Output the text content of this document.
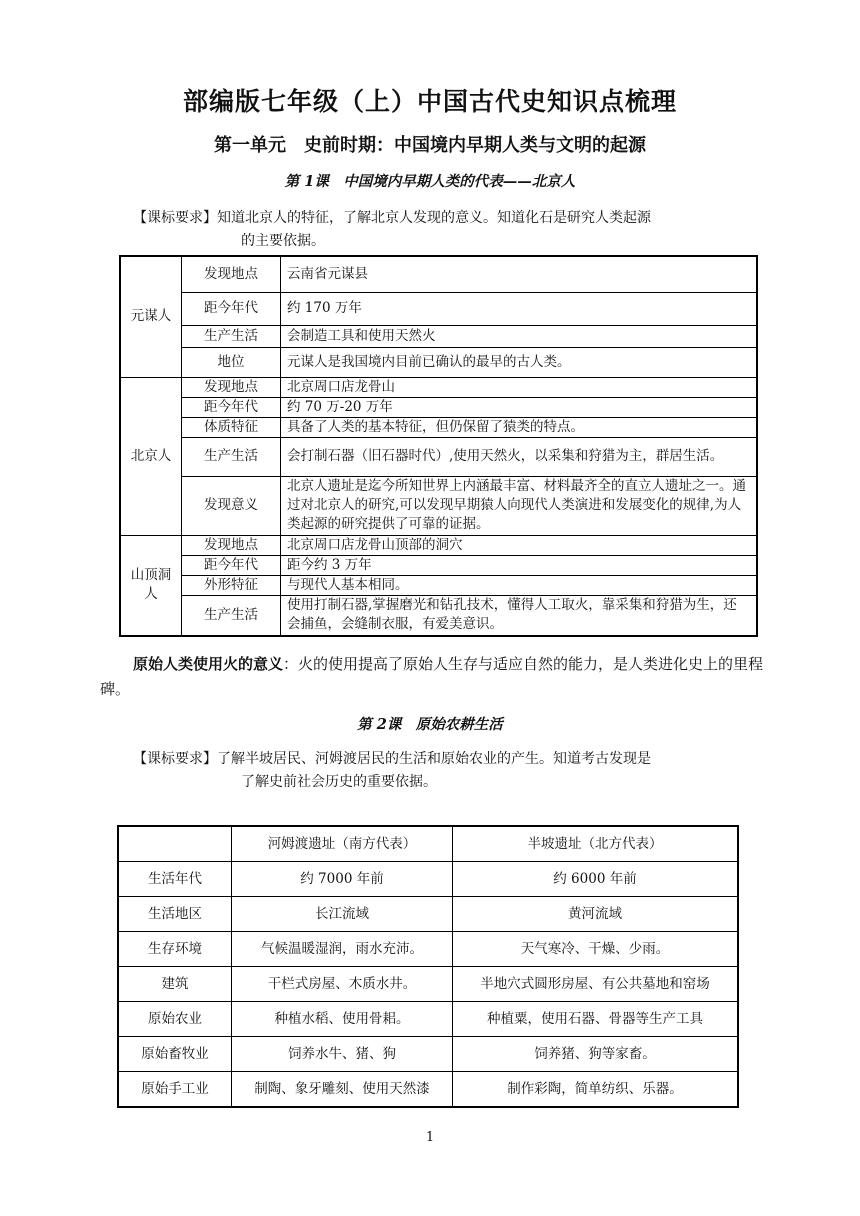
部编版七年级（上）中国古代史知识点梳理
第一单元　史前时期：中国境内早期人类与文明的起源
第 1课　中国境内早期人类的代表——北京人
【课标要求】知道北京人的特征，了解北京人发现的意义。知道化石是研究人类起源
的主要依据。
元谋人	发现地点	云南省元谋县
	距今年代	约 170 万年
	生产生活	会制造工具和使用天然火
	地位	元谋人是我国境内目前已确认的最早的古人类。
北京人	发现地点	北京周口店龙骨山
	距今年代	约 70 万-20 万年
	体质特征	具备了人类的基本特征，但仍保留了猿类的特点。
	生产生活	会打制石器（旧石器时代）,使用天然火，以采集和狩猎为主，群居生活。
	发现意义	北京人遗址是迄今所知世界上内涵最丰富、材料最齐全的直立人遗址之一。通过对北京人的研究,可以发现早期猿人向现代人类演进和发展变化的规律,为人类起源的研究提供了可靠的证据。
山顶洞人	发现地点	北京周口店龙骨山顶部的洞穴
	距今年代	距今约 3 万年
	外形特征	与现代人基本相同。
	生产生活	使用打制石器,掌握磨光和钻孔技术，懂得人工取火，靠采集和狩猎为生，还会捕鱼，会缝制衣服，有爱美意识。
原始人类使用火的意义：火的使用提高了原始人生存与适应自然的能力，是人类进化史上的里程碑。
第 2课　原始农耕生活
【课标要求】了解半坡居民、河姆渡居民的生活和原始农业的产生。知道考古发现是
了解史前社会历史的重要依据。
	河姆渡遗址（南方代表）	半坡遗址（北方代表）
生活年代	约 7000 年前	约 6000 年前
生活地区	长江流域	黄河流域
生存环境	气候温暖湿润，雨水充沛。	天气寒冷、干燥、少雨。
建筑	干栏式房屋、木质水井。	半地穴式圆形房屋、有公共墓地和窑场
原始农业	种植水稻、使用骨耜。	种植粟，使用石器、骨器等生产工具
原始畜牧业	饲养水牛、猪、狗	饲养猪、狗等家畜。
原始手工业	制陶、象牙雕刻、使用天然漆	制作彩陶，简单纺织、乐器。
1
